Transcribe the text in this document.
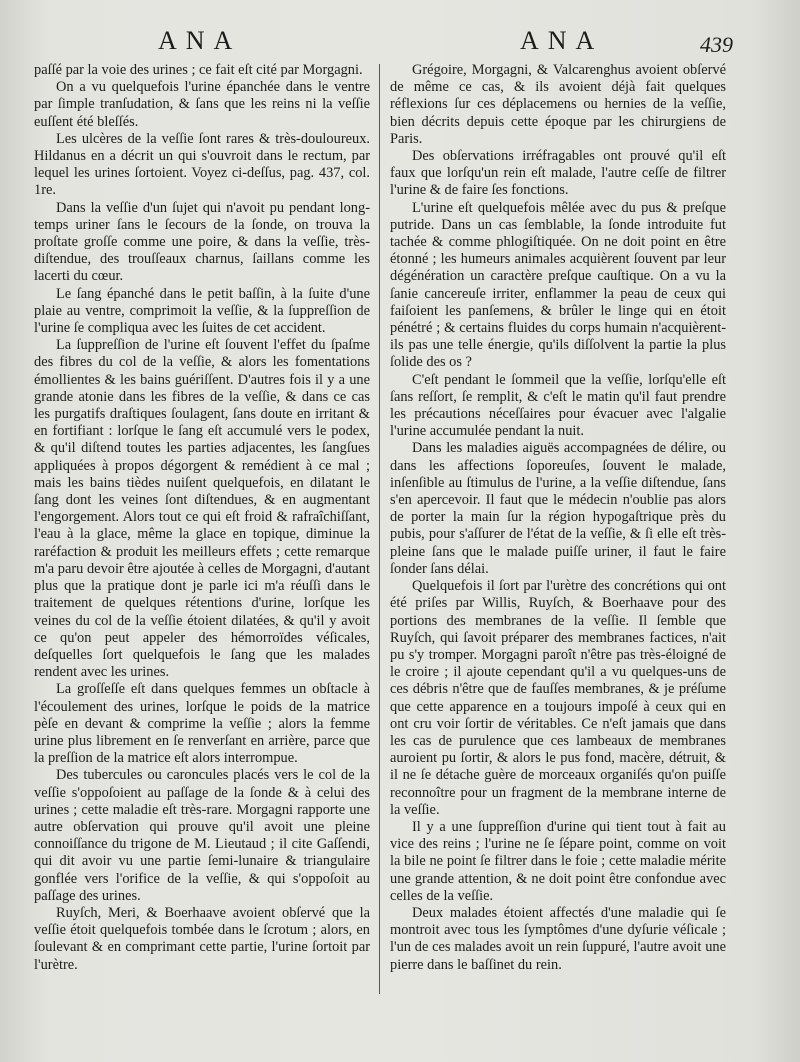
ANA	ANA	439

paſſé par la voie des urines ; ce fait eſt cité par Morgagni.

On a vu quelquefois l'urine épanchée dans le ventre par ſimple tranſudation, & ſans que les reins ni la veſſie euſſent été bleſſés.

Les ulcères de la veſſie ſont rares & très-douloureux. Hildanus en a décrit un qui s'ouvroit dans le rectum, par lequel les urines ſortoient. Voyez ci-deſſus, pag. 437, col. 1re.

Dans la veſſie d'un ſujet qui n'avoit pu pendant long-temps uriner ſans le ſecours de la ſonde, on trouva la proſtate groſſe comme une poire, & dans la veſſie, très-diſtendue, des trouſſeaux charnus, ſaillans comme les lacerti du cœur.

Le ſang épanché dans le petit baſſin, à la ſuite d'une plaie au ventre, comprimoit la veſſie, & la ſuppreſſion de l'urine ſe compliqua avec les ſuites de cet accident.

La ſuppreſſion de l'urine eſt ſouvent l'effet du ſpaſme des fibres du col de la veſſie, & alors les fomentations émollientes & les bains guériſſent. D'autres fois il y a une grande atonie dans les fibres de la veſſie, & dans ce cas les purgatifs draſtiques ſoulagent, ſans doute en irritant & en fortifiant : lorſque le ſang eſt accumulé vers le podex, & qu'il diſtend toutes les parties adjacentes, les ſangſues appliquées à propos dégorgent & remédient à ce mal ; mais les bains tièdes nuiſent quelquefois, en dilatant le ſang dont les veines ſont diſtendues, & en augmentant l'engorgement. Alors tout ce qui eſt froid & rafraîchiſſant, l'eau à la glace, même la glace en topique, diminue la raréfaction & produit les meilleurs effets ; cette remarque m'a paru devoir être ajoutée à celles de Morgagni, d'autant plus que la pratique dont je parle ici m'a réuſſi dans le traitement de quelques rétentions d'urine, lorſque les veines du col de la veſſie étoient dilatées, & qu'il y avoit ce qu'on peut appeler des hémorroïdes véſicales, deſquelles ſort quelquefois le ſang que les malades rendent avec les urines.

La groſſeſſe eſt dans quelques femmes un obſtacle à l'écoulement des urines, lorſque le poids de la matrice pèſe en devant & comprime la veſſie ; alors la femme urine plus librement en ſe renverſant en arrière, parce que la preſſion de la matrice eſt alors interrompue.

Des tubercules ou caroncules placés vers le col de la veſſie s'oppoſoient au paſſage de la ſonde & à celui des urines ; cette maladie eſt très-rare. Morgagni rapporte une autre obſervation qui prouve qu'il avoit une pleine connoiſſance du trigone de M. Lieutaud ; il cite Gaſſendi, qui dit avoir vu une partie ſemi-lunaire & triangulaire gonflée vers l'orifice de la veſſie, & qui s'oppoſoit au paſſage des urines.

Ruyſch, Meri, & Boerhaave avoient obſervé que la veſſie étoit quelquefois tombée dans le ſcrotum ; alors, en ſoulevant & en comprimant cette partie, l'urine ſortoit par l'urètre.

Grégoire, Morgagni, & Valcarenghus avoient obſervé de même ce cas, & ils avoient déjà fait quelques réflexions ſur ces déplacemens ou hernies de la veſſie, bien décrits depuis cette époque par les chirurgiens de Paris.

Des obſervations irréfragables ont prouvé qu'il eſt faux que lorſqu'un rein eſt malade, l'autre ceſſe de filtrer l'urine & de faire ſes fonctions.

L'urine eſt quelquefois mêlée avec du pus & preſque putride. Dans un cas ſemblable, la ſonde introduite fut tachée & comme phlogiſtiquée. On ne doit point en être étonné ; les humeurs animales acquièrent ſouvent par leur dégénération un caractère preſque cauſtique. On a vu la ſanie cancereuſe irriter, enflammer la peau de ceux qui faiſoient les panſemens, & brûler le linge qui en étoit pénétré ; & certains fluides du corps humain n'acquièrent-ils pas une telle énergie, qu'ils diſſolvent la partie la plus ſolide des os ?

C'eſt pendant le ſommeil que la veſſie, lorſqu'elle eſt ſans reſſort, ſe remplit, & c'eſt le matin qu'il faut prendre les précautions néceſſaires pour évacuer avec l'algalie l'urine accumulée pendant la nuit.

Dans les maladies aiguës accompagnées de délire, ou dans les affections ſoporeuſes, ſouvent le malade, inſenſible au ſtimulus de l'urine, a la veſſie diſtendue, ſans s'en apercevoir. Il faut que le médecin n'oublie pas alors de porter la main ſur la région hypogaſtrique près du pubis, pour s'aſſurer de l'état de la veſſie, & ſi elle eſt très-pleine ſans que le malade puiſſe uriner, il faut le faire ſonder ſans délai.

Quelquefois il ſort par l'urètre des concrétions qui ont été priſes par Willis, Ruyſch, & Boerhaave pour des portions des membranes de la veſſie. Il ſemble que Ruyſch, qui ſavoit préparer des membranes factices, n'ait pu s'y tromper. Morgagni paroît n'être pas très-éloigné de le croire ; il ajoute cependant qu'il a vu quelques-uns de ces débris n'être que de fauſſes membranes, & je préſume que cette apparence en a toujours impoſé à ceux qui en ont cru voir ſortir de véritables. Ce n'eſt jamais que dans les cas de purulence que ces lambeaux de membranes auroient pu ſortir, & alors le pus fond, macère, détruit, & il ne ſe détache guère de morceaux organiſés qu'on puiſſe reconnoître pour un fragment de la membrane interne de la veſſie.

Il y a une ſuppreſſion d'urine qui tient tout à fait au vice des reins ; l'urine ne ſe ſépare point, comme on voit la bile ne point ſe filtrer dans le foie ; cette maladie mérite une grande attention, & ne doit point être confondue avec celles de la veſſie.

Deux malades étoient affectés d'une maladie qui ſe montroit avec tous les ſymptômes d'une dyſurie véſicale ; l'un de ces malades avoit un rein ſuppuré, l'autre avoit une pierre dans le baſſinet du rein.
